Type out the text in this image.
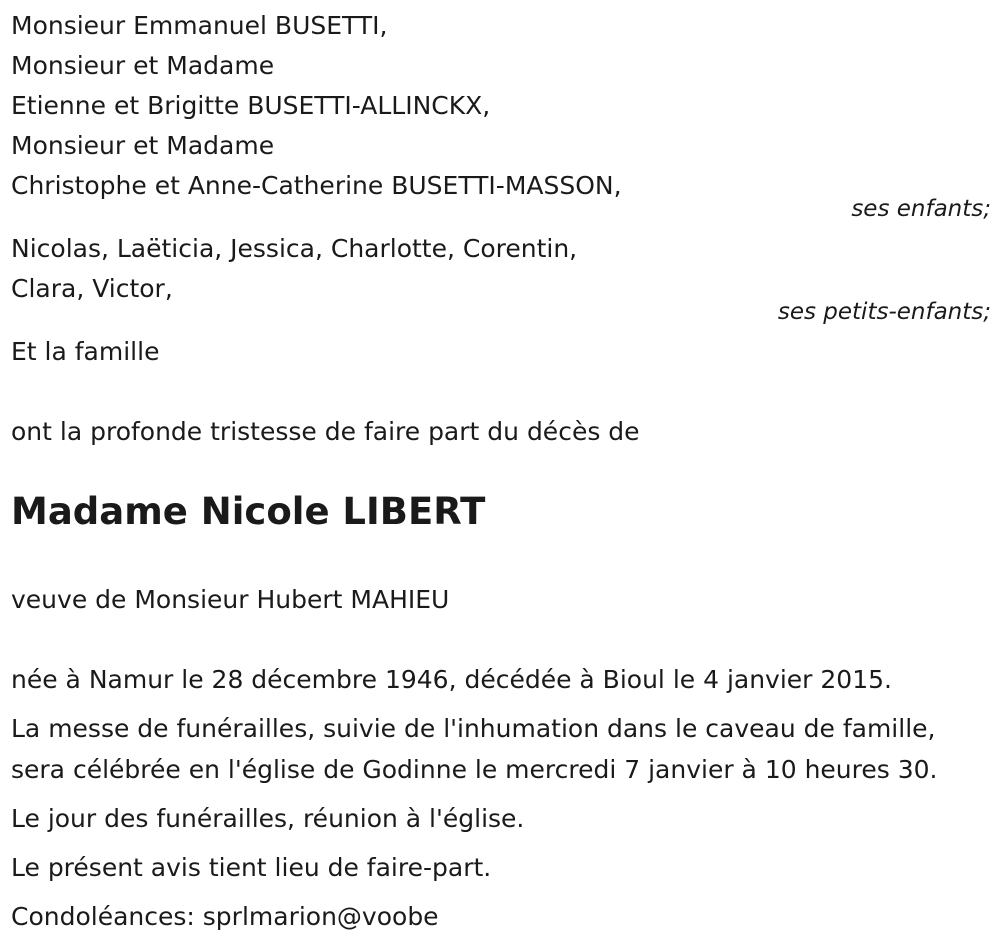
Monsieur Emmanuel BUSETTI,
Monsieur et Madame
Etienne et Brigitte BUSETTI-ALLINCKX,
Monsieur et Madame
Christophe et Anne-Catherine BUSETTI-MASSON,
ses enfants;
Nicolas, Laëticia, Jessica, Charlotte, Corentin,
Clara, Victor,
ses petits-enfants;
Et la famille
ont la profonde tristesse de faire part du décès de
Madame Nicole LIBERT
veuve de Monsieur Hubert MAHIEU
née à Namur le 28 décembre 1946, décédée à Bioul le 4 janvier 2015.
La messe de funérailles, suivie de l'inhumation dans le caveau de famille,
sera célébrée en l'église de Godinne le mercredi 7 janvier à 10 heures 30.
Le jour des funérailles, réunion à l'église.
Le présent avis tient lieu de faire-part.
Condoléances: sprlmarion@voobe
